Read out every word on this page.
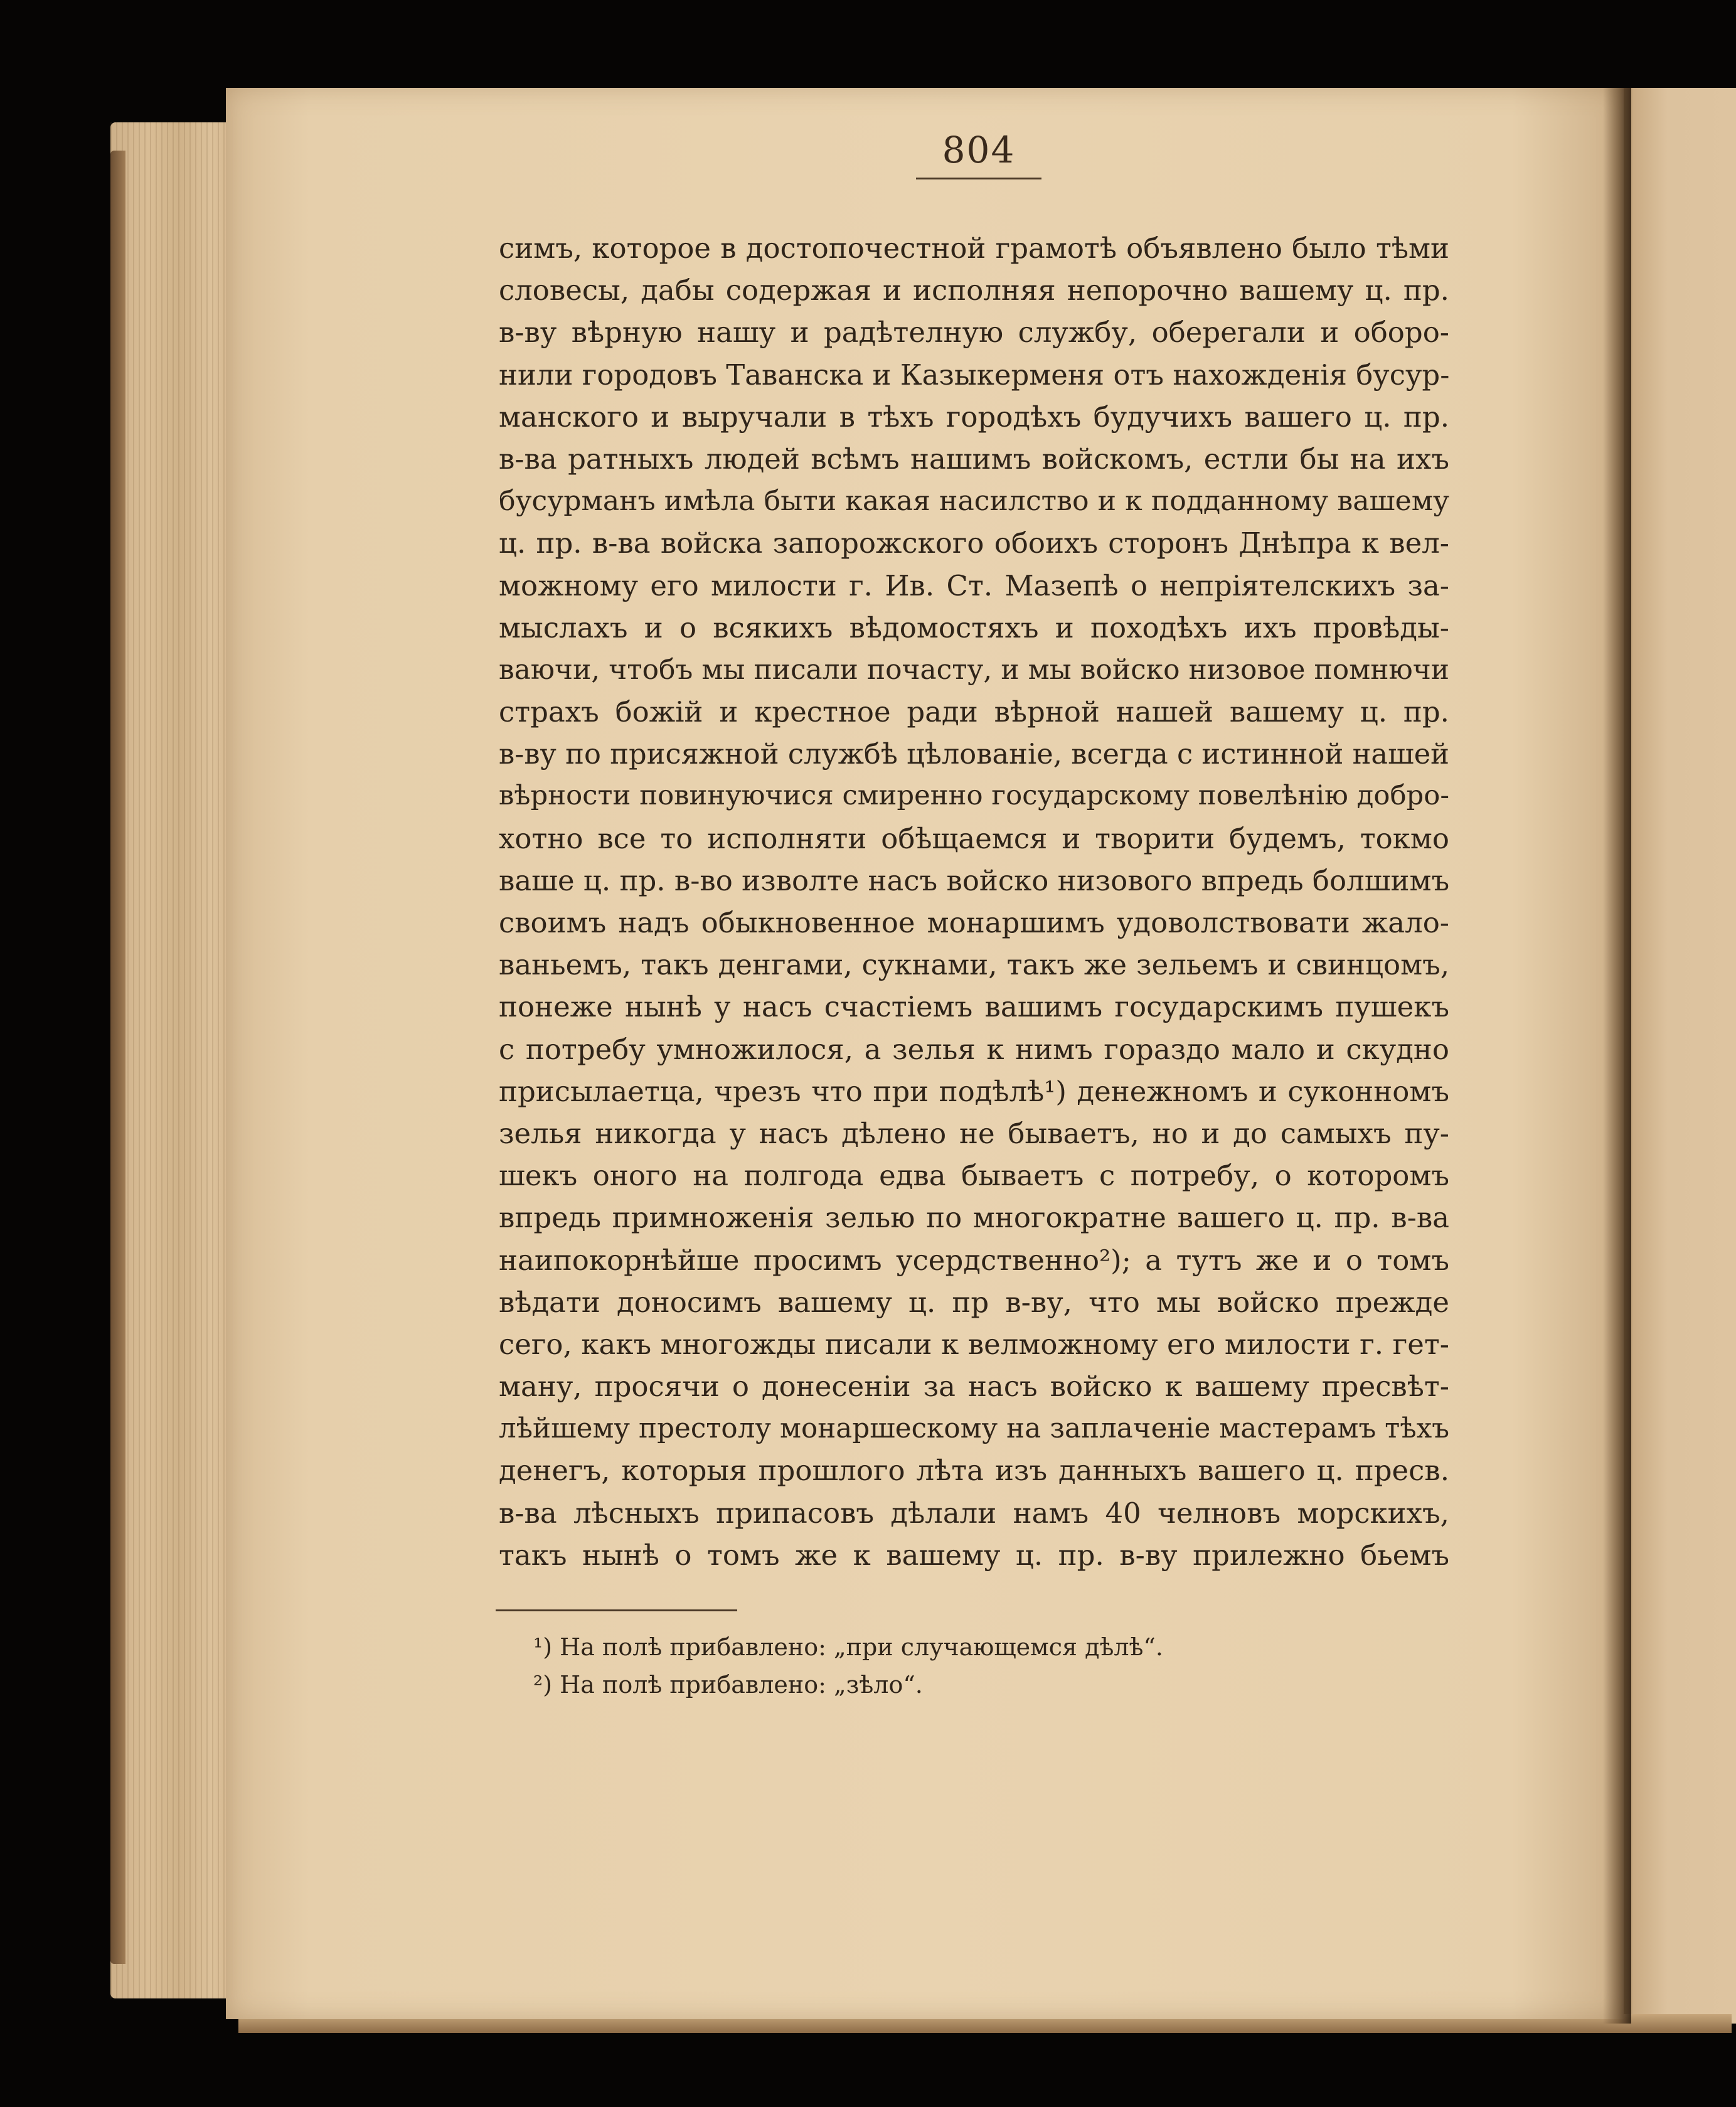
804
симъ, которое в достопочестной грамотѣ объявлено было тѣми
словесы, дабы содержая и исполняя непорочно вашему ц. пр.
в-ву вѣрную нашу и радѣтелную службу, оберегали и оборо-
нили городовъ Таванска и Казыкерменя отъ нахожденія бусур-
манского и выручали в тѣхъ городѣхъ будучихъ вашего ц. пр.
в-ва ратныхъ людей всѣмъ нашимъ войскомъ, естли бы на ихъ
бусурманъ имѣла быти какая насилство и к подданному вашему
ц. пр. в-ва войска запорожского обоихъ сторонъ Днѣпра к вел-
можному его милости г. Ив. Ст. Мазепѣ о непріятелскихъ за-
мыслахъ и о всякихъ вѣдомостяхъ и походѣхъ ихъ провѣды-
ваючи, чтобъ мы писали почасту, и мы войско низовое помнючи
страхъ божій и крестное ради вѣрной нашей вашему ц. пр.
в-ву по присяжной службѣ цѣлованіе, всегда с истинной нашей
вѣрности повинуючися смиренно государскому повелѣнію добро-
хотно все то исполняти обѣщаемся и творити будемъ, токмо
ваше ц. пр. в-во изволте насъ войско низового впредь болшимъ
своимъ надъ обыкновенное монаршимъ удоволствовати жало-
ваньемъ, такъ денгами, сукнами, такъ же зельемъ и свинцомъ,
понеже нынѣ у насъ счастіемъ вашимъ государскимъ пушекъ
с потребу умножилося, а зелья к нимъ гораздо мало и скудно
присылаетца, чрезъ что при подѣлѣ¹) денежномъ и суконномъ
зелья никогда у насъ дѣлено не бываетъ, но и до самыхъ пу-
шекъ оного на полгода едва бываетъ с потребу, о которомъ
впредь примноженія зелью по многократне вашего ц. пр. в-ва
наипокорнѣйше просимъ усердственно²); а тутъ же и о томъ
вѣдати доносимъ вашему ц. пр в-ву, что мы войско прежде
сего, какъ многожды писали к велможному его милости г. гет-
ману, просячи о донесеніи за насъ войско к вашему пресвѣт-
лѣйшему престолу монаршескому на заплаченіе мастерамъ тѣхъ
денегъ, которыя прошлого лѣта изъ данныхъ вашего ц. пресв.
в-ва лѣсныхъ припасовъ дѣлали намъ 40 челновъ морскихъ,
такъ нынѣ о томъ же к вашему ц. пр. в-ву прилежно бьемъ
¹) На полѣ прибавлено: „при случающемся дѣлѣ“.
²) На полѣ прибавлено: „зѣло“.
